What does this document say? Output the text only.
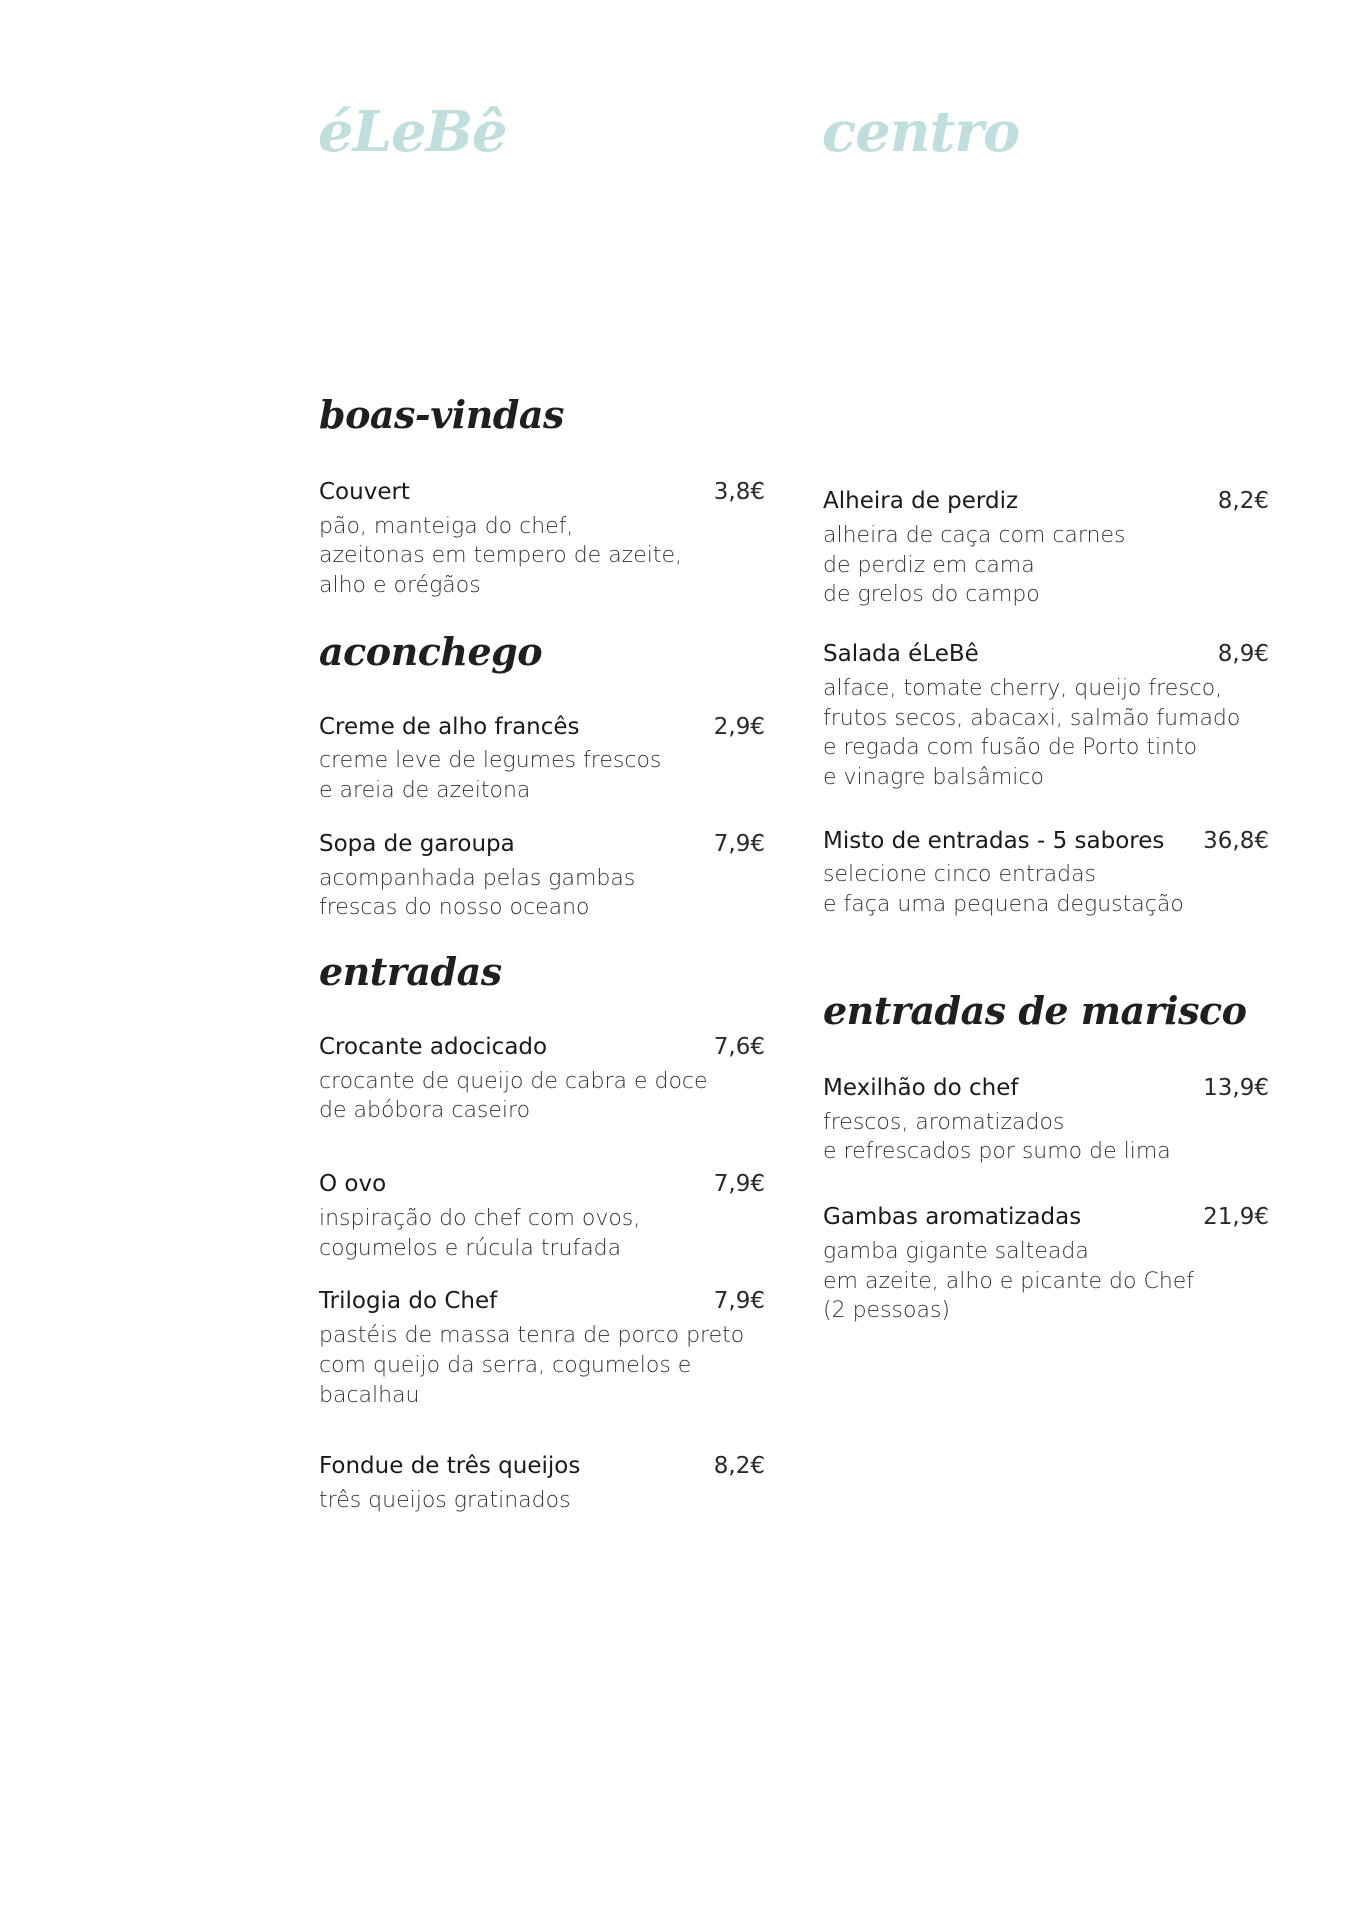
éLeBê	centro
boas-vindas
Couvert	3,8€
pão, manteiga do chef,
azeitonas em tempero de azeite,
alho e orégãos
aconchego
Creme de alho francês	2,9€
creme leve de legumes frescos
e areia de azeitona
Sopa de garoupa	7,9€
acompanhada pelas gambas
frescas do nosso oceano
entradas
Crocante adocicado	7,6€
crocante de queijo de cabra e doce
de abóbora caseiro
O ovo	7,9€
inspiração do chef com ovos,
cogumelos e rúcula trufada
Trilogia do Chef	7,9€
pastéis de massa tenra de porco preto
com queijo da serra, cogumelos e
bacalhau
Fondue de três queijos	8,2€
três queijos gratinados
Alheira de perdiz	8,2€
alheira de caça com carnes
de perdiz em cama
de grelos do campo
Salada éLeBê	8,9€
alface, tomate cherry, queijo fresco,
frutos secos, abacaxi, salmão fumado
e regada com fusão de Porto tinto
e vinagre balsâmico
Misto de entradas - 5 sabores 36,8€
selecione cinco entradas
e faça uma pequena degustação
entradas de marisco
Mexilhão do chef	13,9€
frescos, aromatizados
e refrescados por sumo de lima
Gambas aromatizadas	21,9€
gamba gigante salteada
em azeite, alho e picante do Chef
(2 pessoas)
